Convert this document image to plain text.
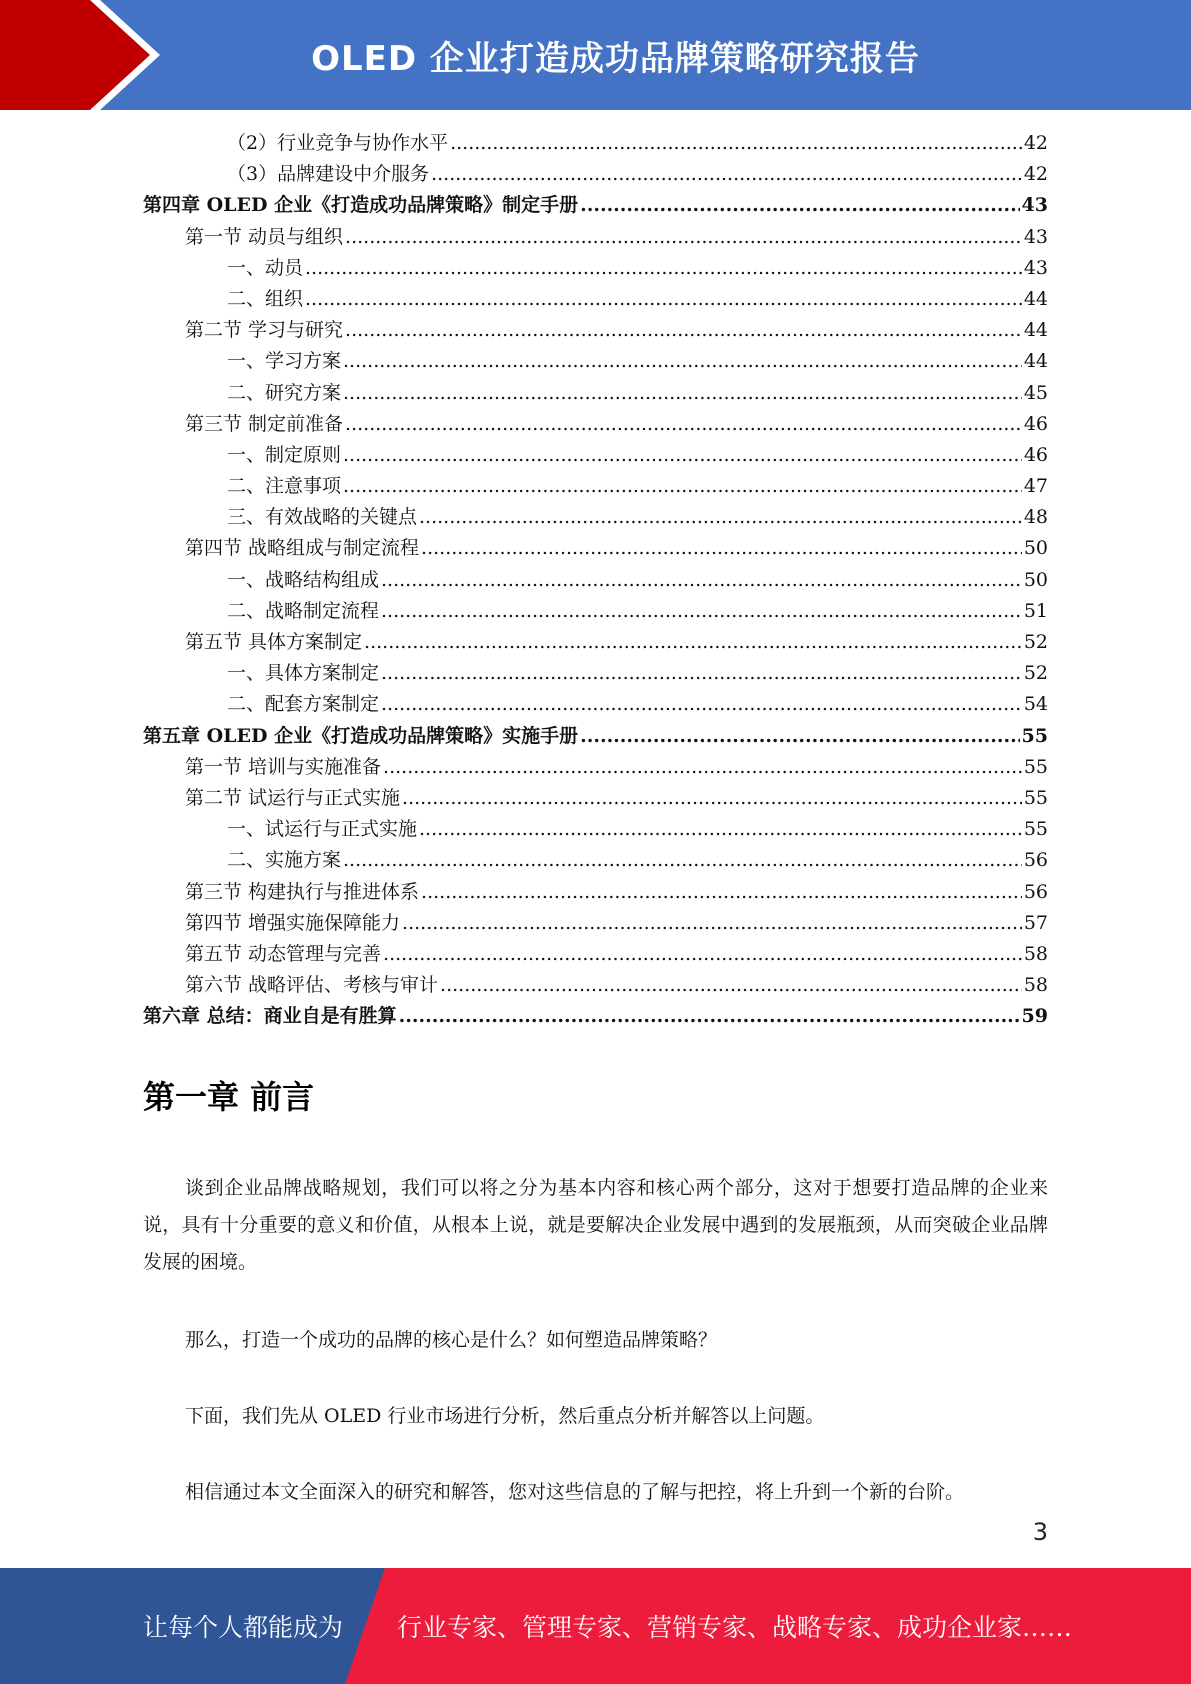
OLED 企业打造成功品牌策略研究报告
（2）行业竞争与协作水平 .....	42
（3）品牌建设中介服务 .....	42
第四章 OLED 企业《打造成功品牌策略》制定手册 .....	43
第一节 动员与组织 .....	43
一、动员 .....	43
二、组织 .....	44
第二节 学习与研究 .....	44
一、学习方案 .....	44
二、研究方案 .....	45
第三节 制定前准备 .....	46
一、制定原则 .....	46
二、注意事项 .....	47
三、有效战略的关键点 .....	48
第四节 战略组成与制定流程 .....	50
一、战略结构组成 .....	50
二、战略制定流程 .....	51
第五节 具体方案制定 .....	52
一、具体方案制定 .....	52
二、配套方案制定 .....	54
第五章 OLED 企业《打造成功品牌策略》实施手册 .....	55
第一节 培训与实施准备 .....	55
第二节 试运行与正式实施 .....	55
一、试运行与正式实施 .....	55
二、实施方案 .....	56
第三节 构建执行与推进体系 .....	56
第四节 增强实施保障能力 .....	57
第五节 动态管理与完善 .....	58
第六节 战略评估、考核与审计 .....	58
第六章 总结：商业自是有胜算 .....	59
第一章 前言
谈到企业品牌战略规划，我们可以将之分为基本内容和核心两个部分，这对于想要打造品牌的企业来说，具有十分重要的意义和价值，从根本上说，就是要解决企业发展中遇到的发展瓶颈，从而突破企业品牌发展的困境。
那么，打造一个成功的品牌的核心是什么？如何塑造品牌策略？
下面，我们先从 OLED 行业市场进行分析，然后重点分析并解答以上问题。
相信通过本文全面深入的研究和解答，您对这些信息的了解与把控，将上升到一个新的台阶。
3
让每个人都能成为 行业专家、管理专家、营销专家、战略专家、成功企业家……
